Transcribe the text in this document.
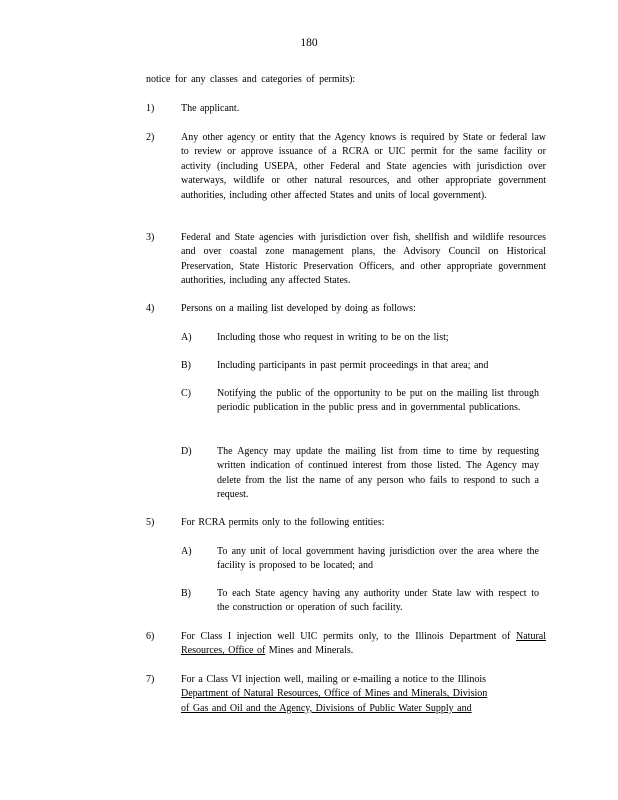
180
notice for any classes and categories of permits):
1)	The applicant.
2)	Any other agency or entity that the Agency knows is required by State or federal law to review or approve issuance of a RCRA or UIC permit for the same facility or activity (including USEPA, other Federal and State agencies with jurisdiction over waterways, wildlife or other natural resources, and other appropriate government authorities, including other affected States and units of local government).
3)	Federal and State agencies with jurisdiction over fish, shellfish and wildlife resources and over coastal zone management plans, the Advisory Council on Historical Preservation, State Historic Preservation Officers, and other appropriate government authorities, including any affected States.
4)	Persons on a mailing list developed by doing as follows:
A)	Including those who request in writing to be on the list;
B)	Including participants in past permit proceedings in that area; and
C)	Notifying the public of the opportunity to be put on the mailing list through periodic publication in the public press and in governmental publications.
D)	The Agency may update the mailing list from time to time by requesting written indication of continued interest from those listed. The Agency may delete from the list the name of any person who fails to respond to such a request.
5)	For RCRA permits only to the following entities:
A)	To any unit of local government having jurisdiction over the area where the facility is proposed to be located; and
B)	To each State agency having any authority under State law with respect to the construction or operation of such facility.
6)	For Class I injection well UIC permits only, to the Illinois Department of Natural Resources, Office of Mines and Minerals.
7)	For a Class VI injection well, mailing or e-mailing a notice to the Illinois
Department of Natural Resources, Office of Mines and Minerals, Division
of Gas and Oil and the Agency, Divisions of Public Water Supply and
